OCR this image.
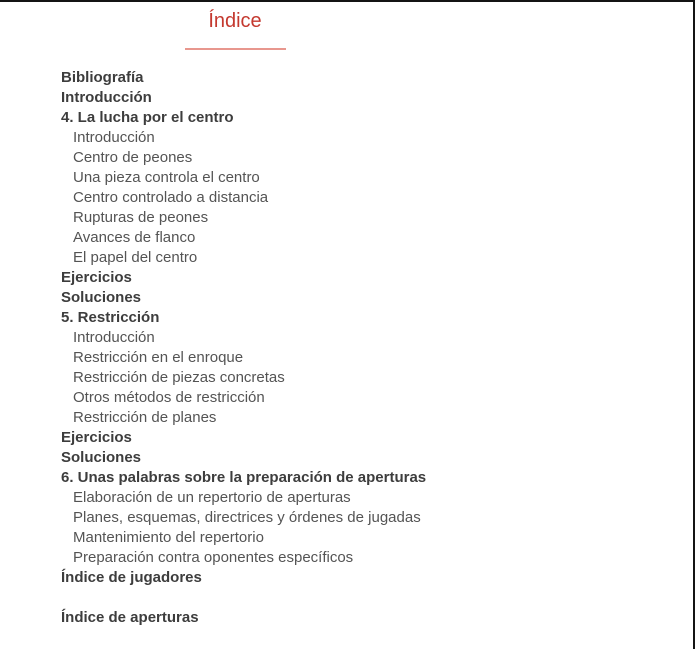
Índice
Bibliografía
Introducción
4. La lucha por el centro
Introducción
Centro de peones
Una pieza controla el centro
Centro controlado a distancia
Rupturas de peones
Avances de flanco
El papel del centro
Ejercicios
Soluciones
5. Restricción
Introducción
Restricción en el enroque
Restricción de piezas concretas
Otros métodos de restricción
Restricción de planes
Ejercicios
Soluciones
6. Unas palabras sobre la preparación de aperturas
Elaboración de un repertorio de aperturas
Planes, esquemas, directrices y órdenes de jugadas
Mantenimiento del repertorio
Preparación contra oponentes específicos
Índice de jugadores
Índice de aperturas
